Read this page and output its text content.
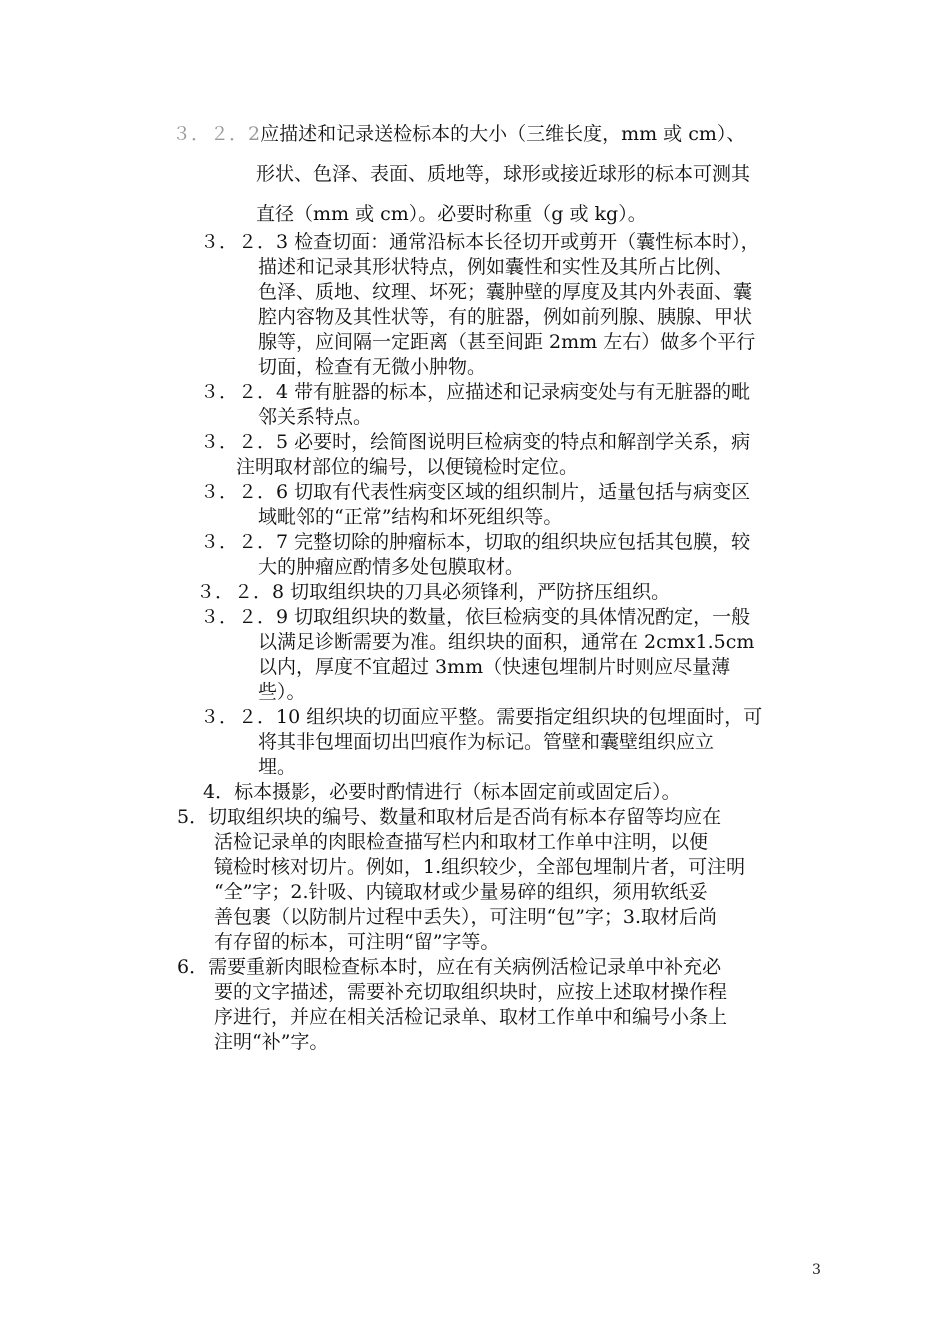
３．２．2应描述和记录送检标本的大小（三维长度，mm 或 cm）、
形状、色泽、表面、质地等，球形或接近球形的标本可测其
直径（mm 或 cm）。必要时称重（g 或 kg）。
３．２．3 检查切面：通常沿标本长径切开或剪开（囊性标本时），
描述和记录其形状特点，例如囊性和实性及其所占比例、
色泽、质地、纹理、坏死；囊肿壁的厚度及其内外表面、囊
腔内容物及其性状等，有的脏器，例如前列腺、胰腺、甲状
腺等，应间隔一定距离（甚至间距 2mm 左右）做多个平行
切面，检查有无微小肿物。
３．２．4 带有脏器的标本，应描述和记录病变处与有无脏器的毗
邻关系特点。
３．２．5 必要时，绘简图说明巨检病变的特点和解剖学关系，病
注明取材部位的编号，以便镜检时定位。
３．２．6 切取有代表性病变区域的组织制片，适量包括与病变区
域毗邻的“正常”结构和坏死组织等。
３．２．7 完整切除的肿瘤标本，切取的组织块应包括其包膜，较
大的肿瘤应酌情多处包膜取材。
３．２．8 切取组织块的刀具必须锋利，严防挤压组织。
３．２．9 切取组织块的数量，依巨检病变的具体情况酌定，一般
以满足诊断需要为准。组织块的面积，通常在 2cmx1.5cm
以内，厚度不宜超过 3mm（快速包埋制片时则应尽量薄
些）。
３．２．10 组织块的切面应平整。需要指定组织块的包埋面时，可
将其非包埋面切出凹痕作为标记。管壁和囊壁组织应立
埋。
4．标本摄影，必要时酌情进行（标本固定前或固定后）。
5．切取组织块的编号、数量和取材后是否尚有标本存留等均应在
活检记录单的肉眼检查描写栏内和取材工作单中注明，以便
镜检时核对切片。例如，1.组织较少，全部包埋制片者，可注明
“全”字；2.针吸、内镜取材或少量易碎的组织，须用软纸妥
善包裹（以防制片过程中丢失），可注明“包”字；3.取材后尚
有存留的标本，可注明“留”字等。
6．需要重新肉眼检查标本时，应在有关病例活检记录单中补充必
要的文字描述，需要补充切取组织块时，应按上述取材操作程
序进行，并应在相关活检记录单、取材工作单中和编号小条上
注明“补”字。
3
